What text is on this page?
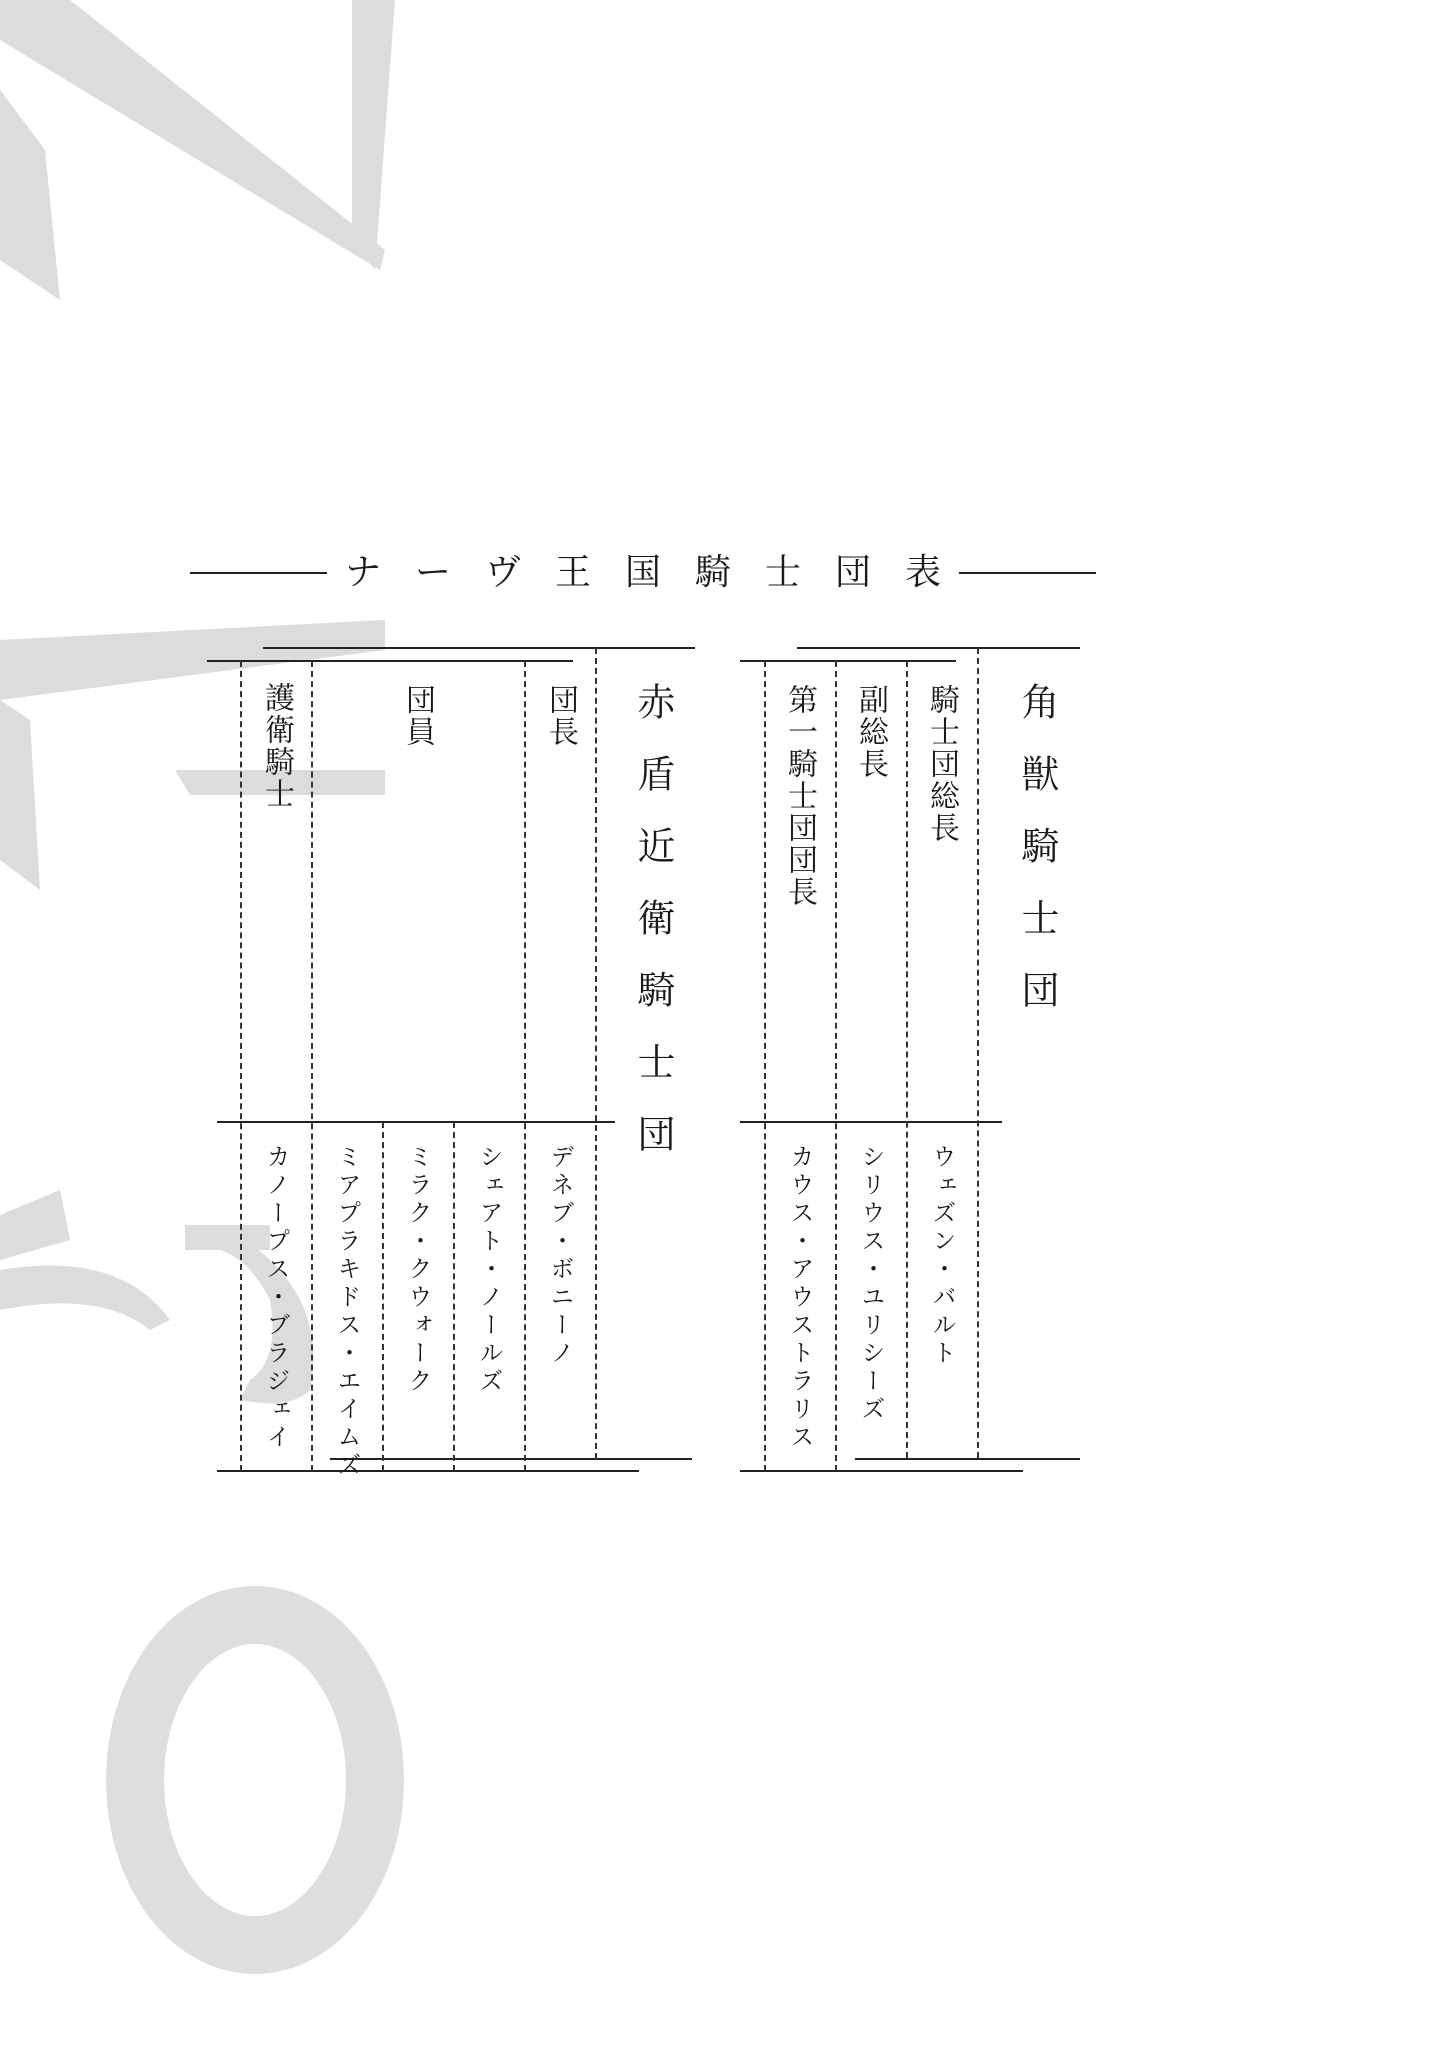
ナーヴ王国騎士団表
赤盾近衛騎士団
団長
団員
護衛騎士
デネブ・ボニーノ
シェアト・ノールズ
ミラク・クウォーク
ミアプラキドス・エイムズ
カノープス・ブラジェイ
角獣騎士団
騎士団総長
副総長
第一騎士団団長
ウェズン・バルト
シリウス・ユリシーズ
カウス・アウストラリス
